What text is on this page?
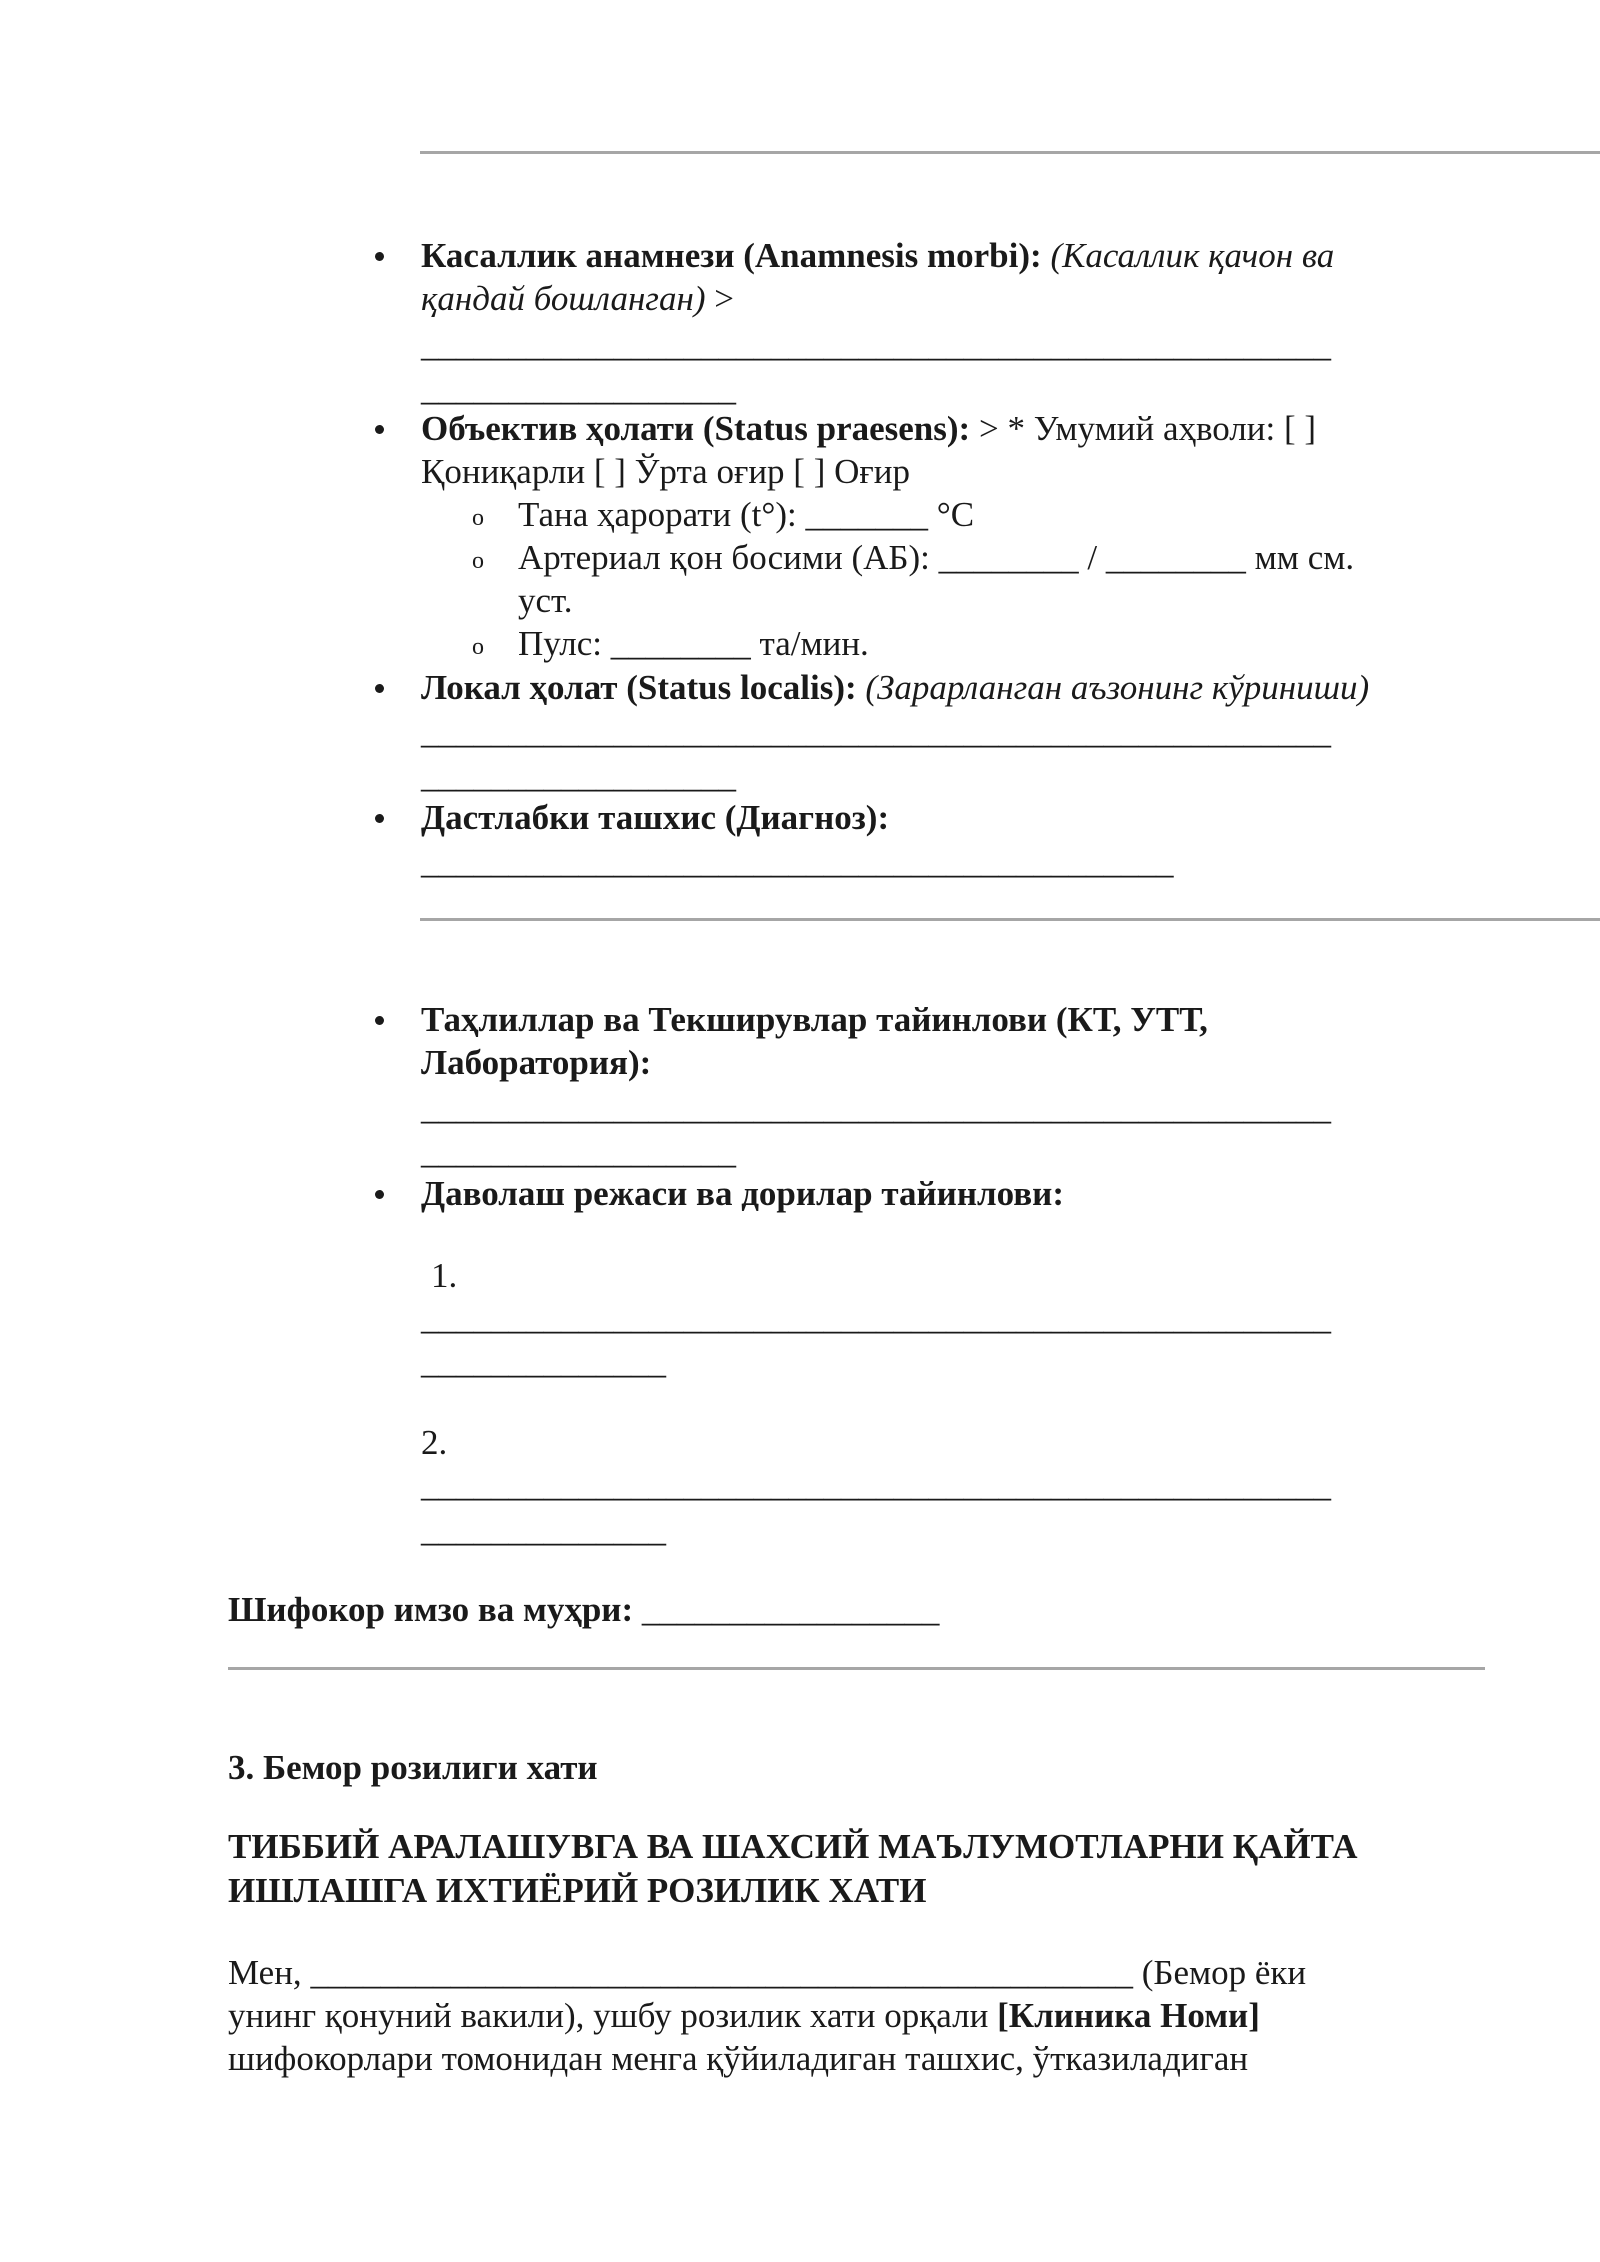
Касаллик анамнези (Anamnesis morbi): (Касаллик қачон ва
қандай бошланган) >
____________________________________________________
__________________
Объектив ҳолати (Status praesens): > * Умумий аҳволи: [ ]
Қониқарли [ ] Ўрта оғир [ ] Оғир
o Тана ҳарорати (t°): _______ °C
o Артериал қон босими (АБ): ________ / ________ мм см.
уст.
o Пулс: ________ та/мин.
Локал ҳолат (Status localis): (Зарарланган аъзонинг кўриниши)
____________________________________________________
__________________
Дастлабки ташхис (Диагноз):
___________________________________________
Таҳлиллар ва Текширувлар тайинлови (КТ, УТТ,
Лаборатория):
____________________________________________________
__________________
Даволаш режаси ва дорилар тайинлови:
1.
____________________________________________________
______________
2.
____________________________________________________
______________
Шифокор имзо ва муҳри: _________________
3. Бемор розилиги хати
ТИББИЙ АРАЛАШУВГА ВА ШАХСИЙ МАЪЛУМОТЛАРНИ ҚАЙТА
ИШЛАШГА ИХТИЁРИЙ РОЗИЛИК ХАТИ
Мен, _______________________________________________ (Бемор ёки
унинг қонуний вакили), ушбу розилик хати орқали [Клиника Номи]
шифокорлари томонидан менга қўйиладиган ташхис, ўтказиладиган
